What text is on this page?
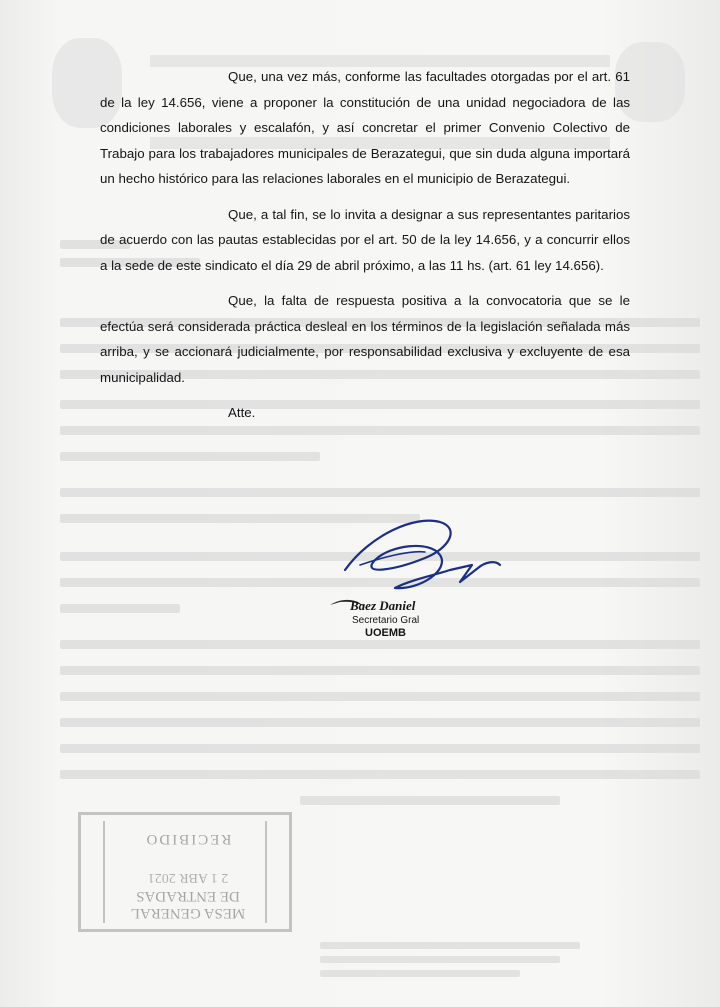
Que, una vez más, conforme las facultades otorgadas por el art. 61 de la ley 14.656, viene a proponer la constitución de una unidad negociadora de las condiciones laborales y escalafón, y así concretar el primer Convenio Colectivo de Trabajo para los trabajadores municipales de Berazategui, que sin duda alguna importará un hecho histórico para las relaciones laborales en el municipio de Berazategui.

Que, a tal fin, se lo invita a designar a sus representantes paritarios de acuerdo con las pautas establecidas por el art. 50 de la ley 14.656, y a concurrir ellos a la sede de este sindicato el día 29 de abril próximo, a las 11 hs. (art. 61 ley 14.656).

Que, la falta de respuesta positiva a la convocatoria que se le efectúa será considerada práctica desleal en los términos de la legislación señalada más arriba, y se accionará judicialmente, por responsabilidad exclusiva y excluyente de esa municipalidad.

Atte.

Baez Daniel
Secretario Gral
UOEMB
MESA GENERAL DE ENTRADAS
2 1 ABR 2021
RECIBIDO
